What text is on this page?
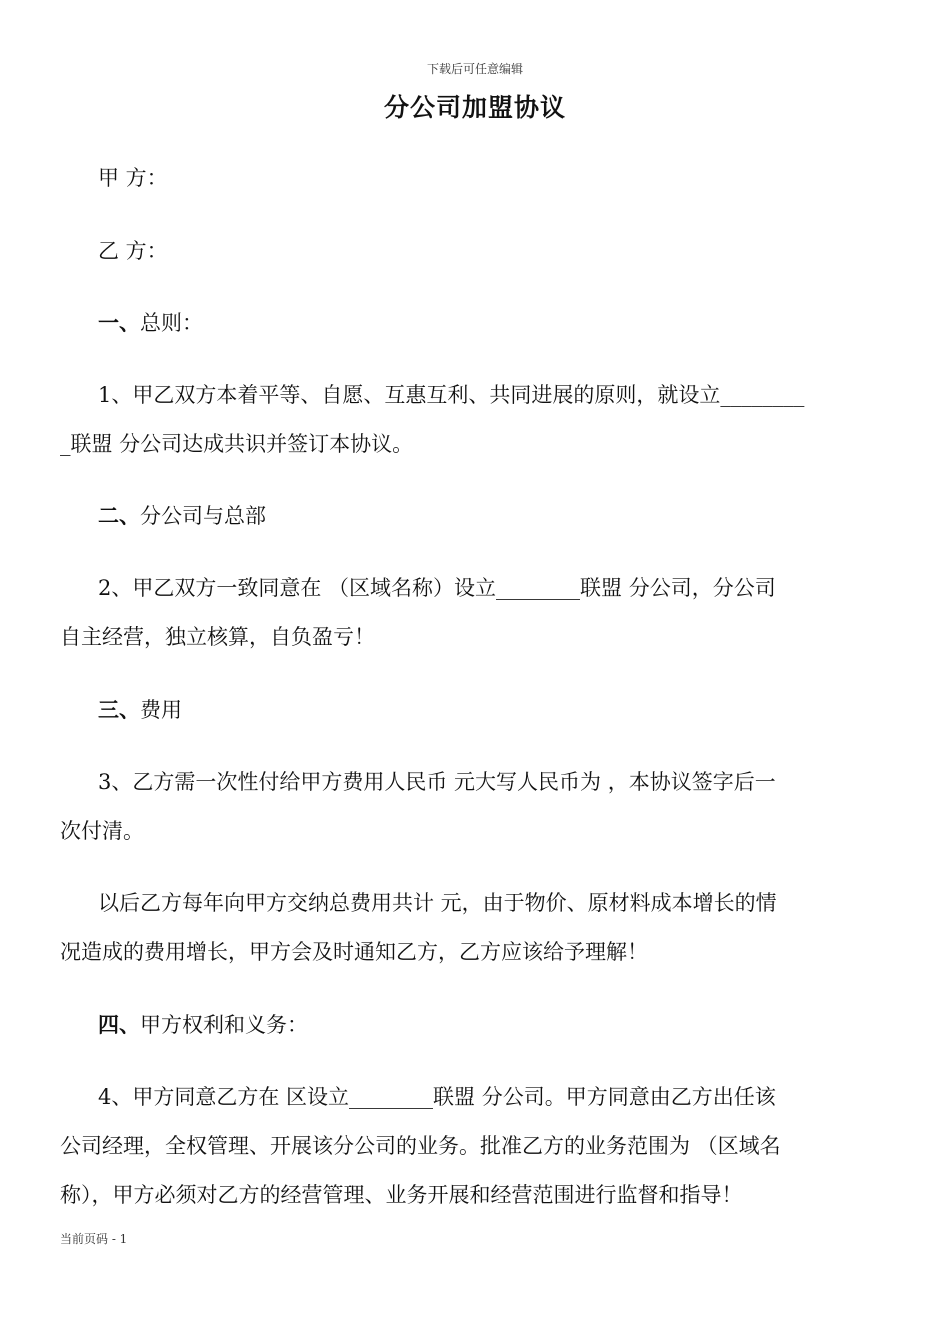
下载后可任意编辑
分公司加盟协议
甲 方：
乙 方：
一、总则：
1、甲乙双方本着平等、自愿、互惠互利、共同进展的原则，就设立________
_联盟 分公司达成共识并签订本协议。
二、分公司与总部
2、甲乙双方一致同意在 （区域名称）设立________联盟 分公司，分公司
自主经营，独立核算，自负盈亏！
三、费用
3、乙方需一次性付给甲方费用人民币 元大写人民币为 ，本协议签字后一
次付清。
以后乙方每年向甲方交纳总费用共计 元，由于物价、原材料成本增长的情
况造成的费用增长，甲方会及时通知乙方，乙方应该给予理解！
四、甲方权利和义务：
4、甲方同意乙方在 区设立________联盟 分公司。甲方同意由乙方出任该
公司经理，全权管理、开展该分公司的业务。批准乙方的业务范围为 （区域名
称），甲方必须对乙方的经营管理、业务开展和经营范围进行监督和指导！
当前页码 - 1
